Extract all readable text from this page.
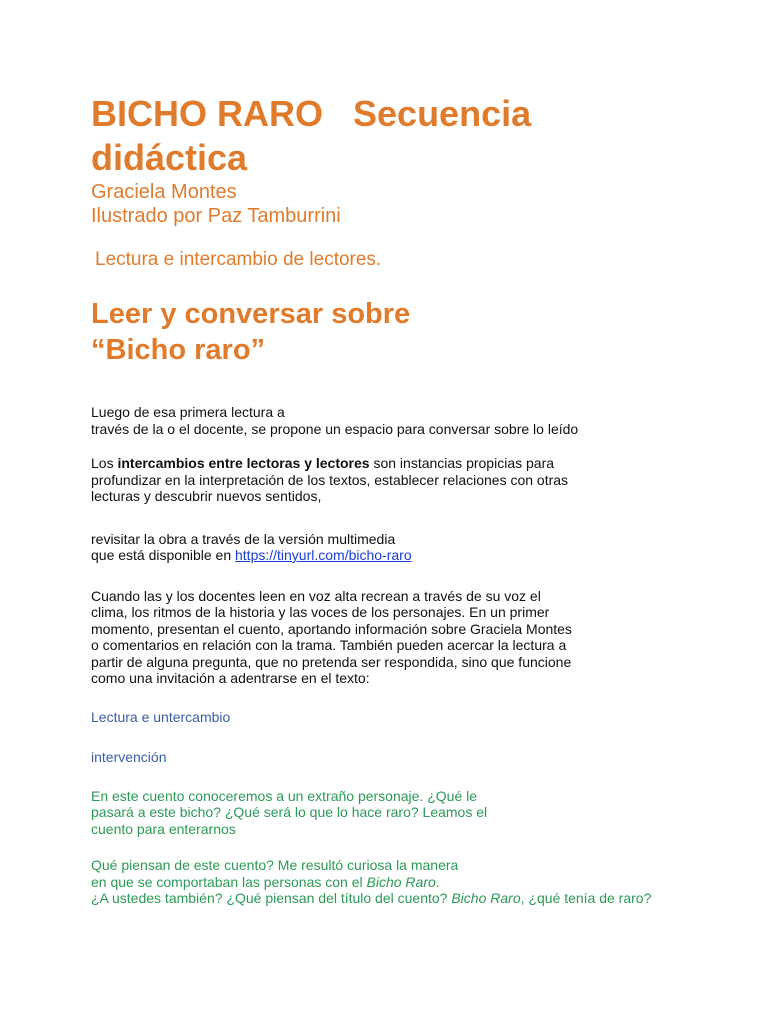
BICHO RARO Secuencia
didáctica

Graciela Montes

Ilustrado por Paz Tamburrini

Lectura e intercambio de lectores.

Leer y conversar sobre
“Bicho raro”

Luego de esa primera lectura a
través de la o el docente, se propone un espacio para conversar sobre lo leído

Los intercambios entre lectoras y lectores son instancias propicias para
profundizar en la interpretación de los textos, establecer relaciones con otras
lecturas y descubrir nuevos sentidos,

revisitar la obra a través de la versión multimedia
que está disponible en https://tinyurl.com/bicho-raro

Cuando las y los docentes leen en voz alta recrean a través de su voz el
clima, los ritmos de la historia y las voces de los personajes. En un primer
momento, presentan el cuento, aportando información sobre Graciela Montes
o comentarios en relación con la trama. También pueden acercar la lectura a
partir de alguna pregunta, que no pretenda ser respondida, sino que funcione
como una invitación a adentrarse en el texto:

Lectura e untercambio

intervención

En este cuento conoceremos a un extraño personaje. ¿Qué le
pasará a este bicho? ¿Qué será lo que lo hace raro? Leamos el
cuento para enterarnos

Qué piensan de este cuento? Me resultó curiosa la manera
en que se comportaban las personas con el Bicho Raro.
¿A ustedes también? ¿Qué piensan del título del cuento? Bicho Raro, ¿qué tenía de raro?
